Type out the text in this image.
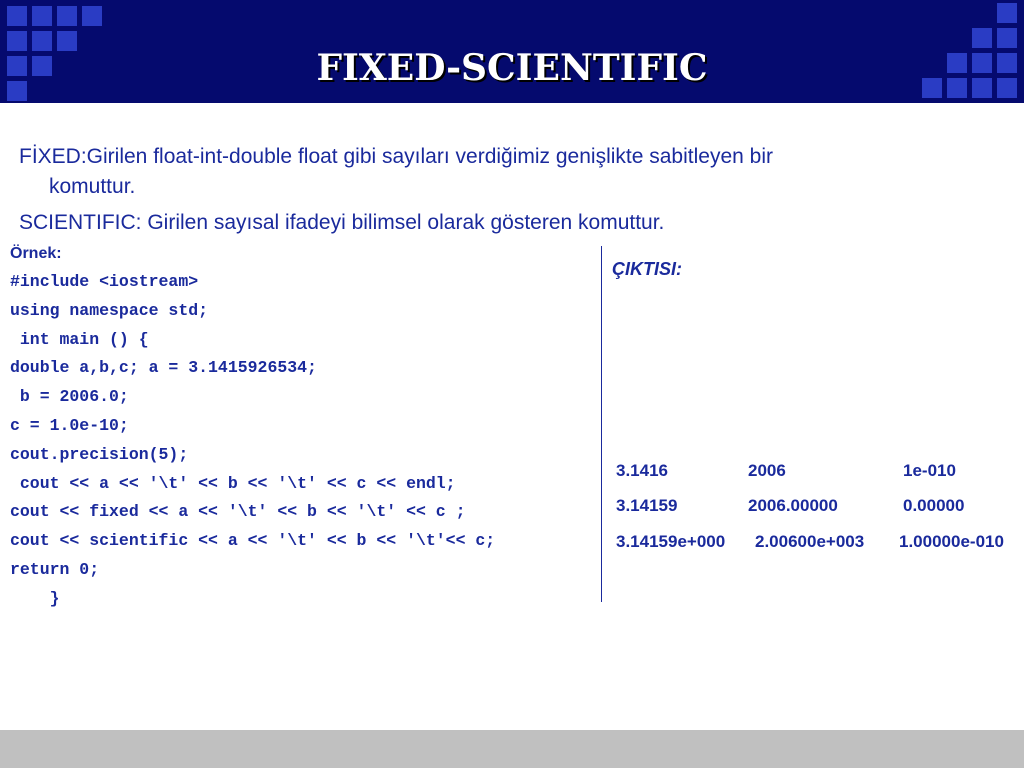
FIXED-SCIENTIFIC
FİXED:Girilen float-int-double float gibi sayıları verdiğimiz genişlikte sabitleyen bir
komuttur.
SCIENTIFIC: Girilen sayısal ifadeyi bilimsel olarak gösteren komuttur.
Örnek:
#include <iostream>
using namespace std;
int main () {
double a,b,c; a = 3.1415926534;
b = 2006.0;
c = 1.0e-10;
cout.precision(5);
cout << a << '\t' << b << '\t' << c << endl;
cout << fixed << a << '\t' << b << '\t' << c ;
cout << scientific << a << '\t' << b << '\t'<< c;
return 0;
}
ÇIKTISI:
3.1416	2006	1e-010
3.14159	2006.00000	0.00000
3.14159e+000 2.00600e+003 1.00000e-010
